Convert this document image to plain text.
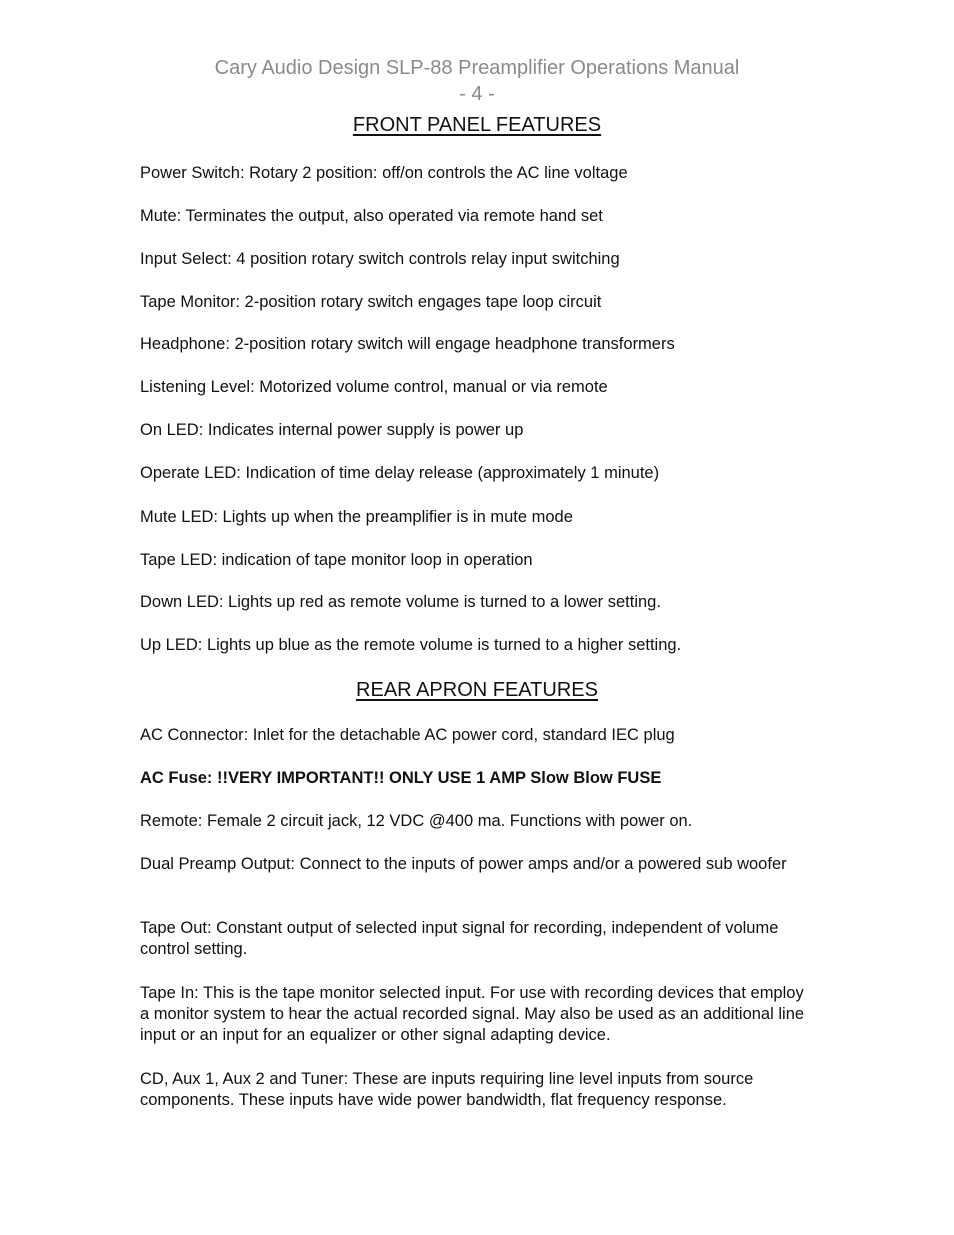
Cary Audio Design SLP-88 Preamplifier Operations Manual
- 4 -
FRONT PANEL FEATURES

Power Switch: Rotary 2 position: off/on controls the AC line voltage

Mute: Terminates the output, also operated via remote hand set

Input Select: 4 position rotary switch controls relay input switching

Tape Monitor: 2-position rotary switch engages tape loop circuit

Headphone: 2-position rotary switch will engage headphone transformers

Listening Level: Motorized volume control, manual or via remote

On LED: Indicates internal power supply is power up

Operate LED: Indication of time delay release (approximately 1 minute)

Mute LED: Lights up when the preamplifier is in mute mode

Tape LED: indication of tape monitor loop in operation

Down LED: Lights up red as remote volume is turned to a lower setting.

Up LED: Lights up blue as the remote volume is turned to a higher setting.

REAR APRON FEATURES

AC Connector: Inlet for the detachable AC power cord, standard IEC plug

AC Fuse: !!VERY IMPORTANT!! ONLY USE 1 AMP Slow Blow FUSE

Remote: Female 2 circuit jack, 12 VDC @400 ma. Functions with power on.

Dual Preamp Output: Connect to the inputs of power amps and/or a powered sub woofer

Tape Out: Constant output of selected input signal for recording, independent of volume control setting.

Tape In: This is the tape monitor selected input. For use with recording devices that employ a monitor system to hear the actual recorded signal. May also be used as an additional line input or an input for an equalizer or other signal adapting device.

CD, Aux 1, Aux 2 and Tuner: These are inputs requiring line level inputs from source components. These inputs have wide power bandwidth, flat frequency response.
